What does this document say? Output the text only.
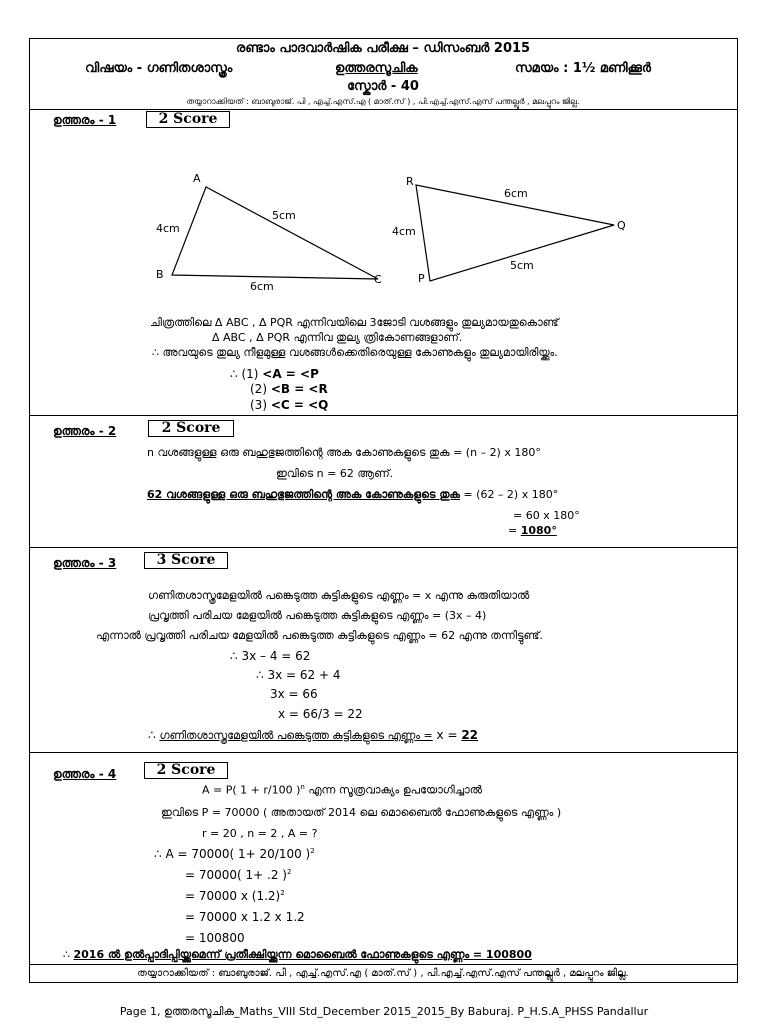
രണ്ടാം പാദവാർഷിക പരീക്ഷ – ഡിസംബർ 2015
വിഷയം - ഗണിതശാസ്ത്രം	ഉത്തരസൂചിക	സമയം : 1½ മണിക്കൂർ
സ്കോർ - 40
തയ്യാറാക്കിയത് : ബാബുരാജ്. പി , എച്ച്.എസ്.എ ( മാത്.സ് ) , പി.എച്ച്.എസ്.എസ് പന്തല്ലൂർ , മലപ്പുറം ജില്ല.
ഉത്തരം - 1	2 Score
A
B	C
4cm
5cm
6cm
R
P
Q
6cm
4cm
5cm
ചിത്രത്തിലെ Δ ABC , Δ PQR എന്നിവയിലെ 3ജോടി വശങ്ങളും തുല്യമായതുകൊണ്ട്
Δ ABC , Δ PQR എന്നിവ തുല്യ ത്രികോണങ്ങളാണ്.
∴ അവയുടെ തുല്യ നീളമുള്ള വശങ്ങൾക്കെതിരെയുള്ള കോണുകളും തുല്യമായിരിയ്ക്കും.
∴ (1) <A = <P
(2) <B = <R
(3) <C = <Q
ഉത്തരം - 2	2 Score
n വശങ്ങളുള്ള ഒരു ബഹുഭുജത്തിന്റെ അക കോണുകളുടെ തുക = (n – 2) x 180°
ഇവിടെ n = 62 ആണ്.
62 വശങ്ങളുള്ള ഒരു ബഹുഭുജത്തിന്റെ അക കോണുകളുടെ തുക = (62 – 2) x 180°
= 60 x 180°
= 1080°
ഉത്തരം - 3	3 Score
ഗണിതശാസ്ത്രമേളയിൽ പങ്കെടുത്ത കുട്ടികളുടെ എണ്ണം = x എന്നു കരുതിയാൽ
പ്രവൃത്തി പരിചയ മേളയിൽ പങ്കെടുത്ത കുട്ടികളുടെ എണ്ണം = (3x – 4)
എന്നാൽ പ്രവൃത്തി പരിചയ മേളയിൽ പങ്കെടുത്ത കുട്ടികളുടെ എണ്ണം = 62 എന്നു തന്നിട്ടുണ്ട്.
∴ 3x – 4 = 62
∴ 3x = 62 + 4
3x = 66
x = 66/3 = 22
∴ ഗണിതശാസ്ത്രമേളയിൽ പങ്കെടുത്ത കുട്ടികളുടെ എണ്ണം = x = 22
ഉത്തരം - 4	2 Score
A = P( 1 + r/100 )$^n$ എന്ന സൂത്രവാക്യം ഉപയോഗിച്ചാൽ
ഇവിടെ P = 70000 ( അതായത് 2014 ലെ മൊബൈൽ ഫോണുകളുടെ എണ്ണം )
r = 20 , n = 2 , A = ?
∴ A = 70000( 1+ 20/100 )$^2$
= 70000( 1+ .2 )$^2$
= 70000 x $(1.2)^2$
= 70000 x 1.2 x 1.2
= 100800
∴ 2016 ൽ ഉൽപ്പാദിപ്പിയ്ക്കുമെന്ന് പ്രതീക്ഷിയ്ക്കുന്ന മൊബൈൽ ഫോണുകളുടെ എണ്ണം = 100800
തയ്യാറാക്കിയത് : ബാബുരാജ്. പി , എച്ച്.എസ്.എ ( മാത്.സ് ) , പി.എച്ച്.എസ്.എസ് പന്തല്ലൂർ , മലപ്പുറം ജില്ല.
Page 1, ഉത്തരസൂചിക_Maths_VIII Std_December 2015_2015_By Baburaj. P_H.S.A_PHSS Pandallur
